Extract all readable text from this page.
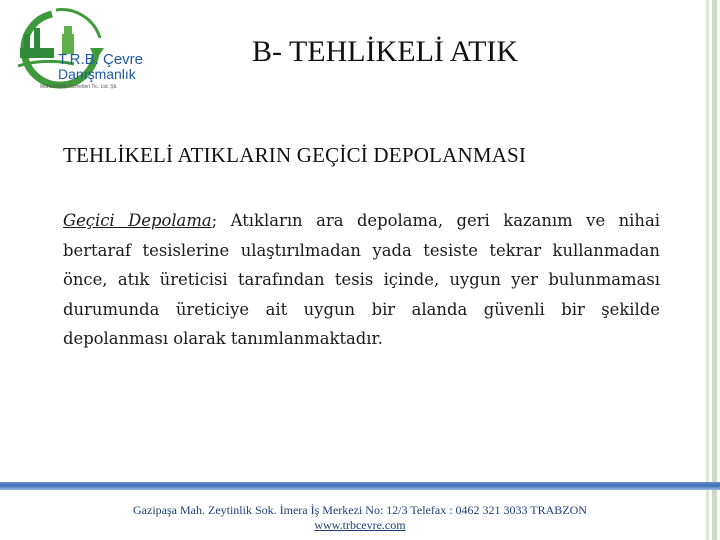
T.R.B. Çevre
Danışmanlık
Mühendislik Hizmetleri Tic. Ltd. Şti.
B- TEHLİKELİ ATIK
TEHLİKELİ ATIKLARIN GEÇİCİ DEPOLANMASI
Geçici Depolama; Atıkların ara depolama, geri kazanım ve nihai bertaraf tesislerine ulaştırılmadan yada tesiste tekrar kullanmadan önce, atık üreticisi tarafından tesis içinde, uygun yer bulunmaması durumunda üreticiye ait uygun bir alanda güvenli bir şekilde depolanması olarak tanımlanmaktadır.
Gazipaşa Mah. Zeytinlik Sok. İmera İş Merkezi No: 12/3 Telefax : 0462 321 3033 TRABZON
www.trbcevre.com
